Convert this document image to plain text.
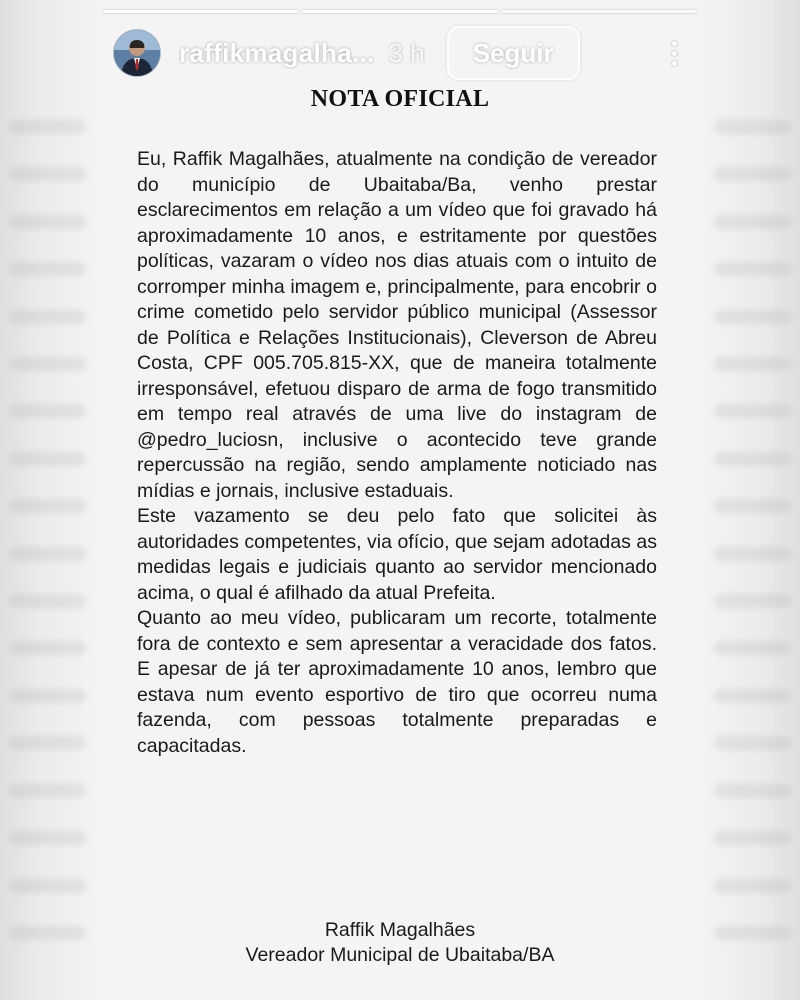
raffikmagalha... 3 h	Seguir
NOTA OFICIAL

Eu, Raffik Magalhães, atualmente na condição de vereador do município de Ubaitaba/Ba, venho prestar esclarecimentos em relação a um vídeo que foi gravado há aproximadamente 10 anos, e estritamente por questões políticas, vazaram o vídeo nos dias atuais com o intuito de corromper minha imagem e, principalmente, para encobrir o crime cometido pelo servidor público municipal (Assessor de Política e Relações Institucionais), Cleverson de Abreu Costa, CPF 005.705.815-XX, que de maneira totalmente irresponsável, efetuou disparo de arma de fogo transmitido em tempo real através de uma live do instagram de @pedro_luciosn, inclusive o acontecido teve grande repercussão na região, sendo amplamente noticiado nas mídias e jornais, inclusive estaduais.

Este vazamento se deu pelo fato que solicitei às autoridades competentes, via ofício, que sejam adotadas as medidas legais e judiciais quanto ao servidor mencionado acima, o qual é afilhado da atual Prefeita.

Quanto ao meu vídeo, publicaram um recorte, totalmente fora de contexto e sem apresentar a veracidade dos fatos. E apesar de já ter aproximadamente 10 anos, lembro que estava num evento esportivo de tiro que ocorreu numa fazenda, com pessoas totalmente preparadas e capacitadas.

Raffik Magalhães
Vereador Municipal de Ubaitaba/BA
